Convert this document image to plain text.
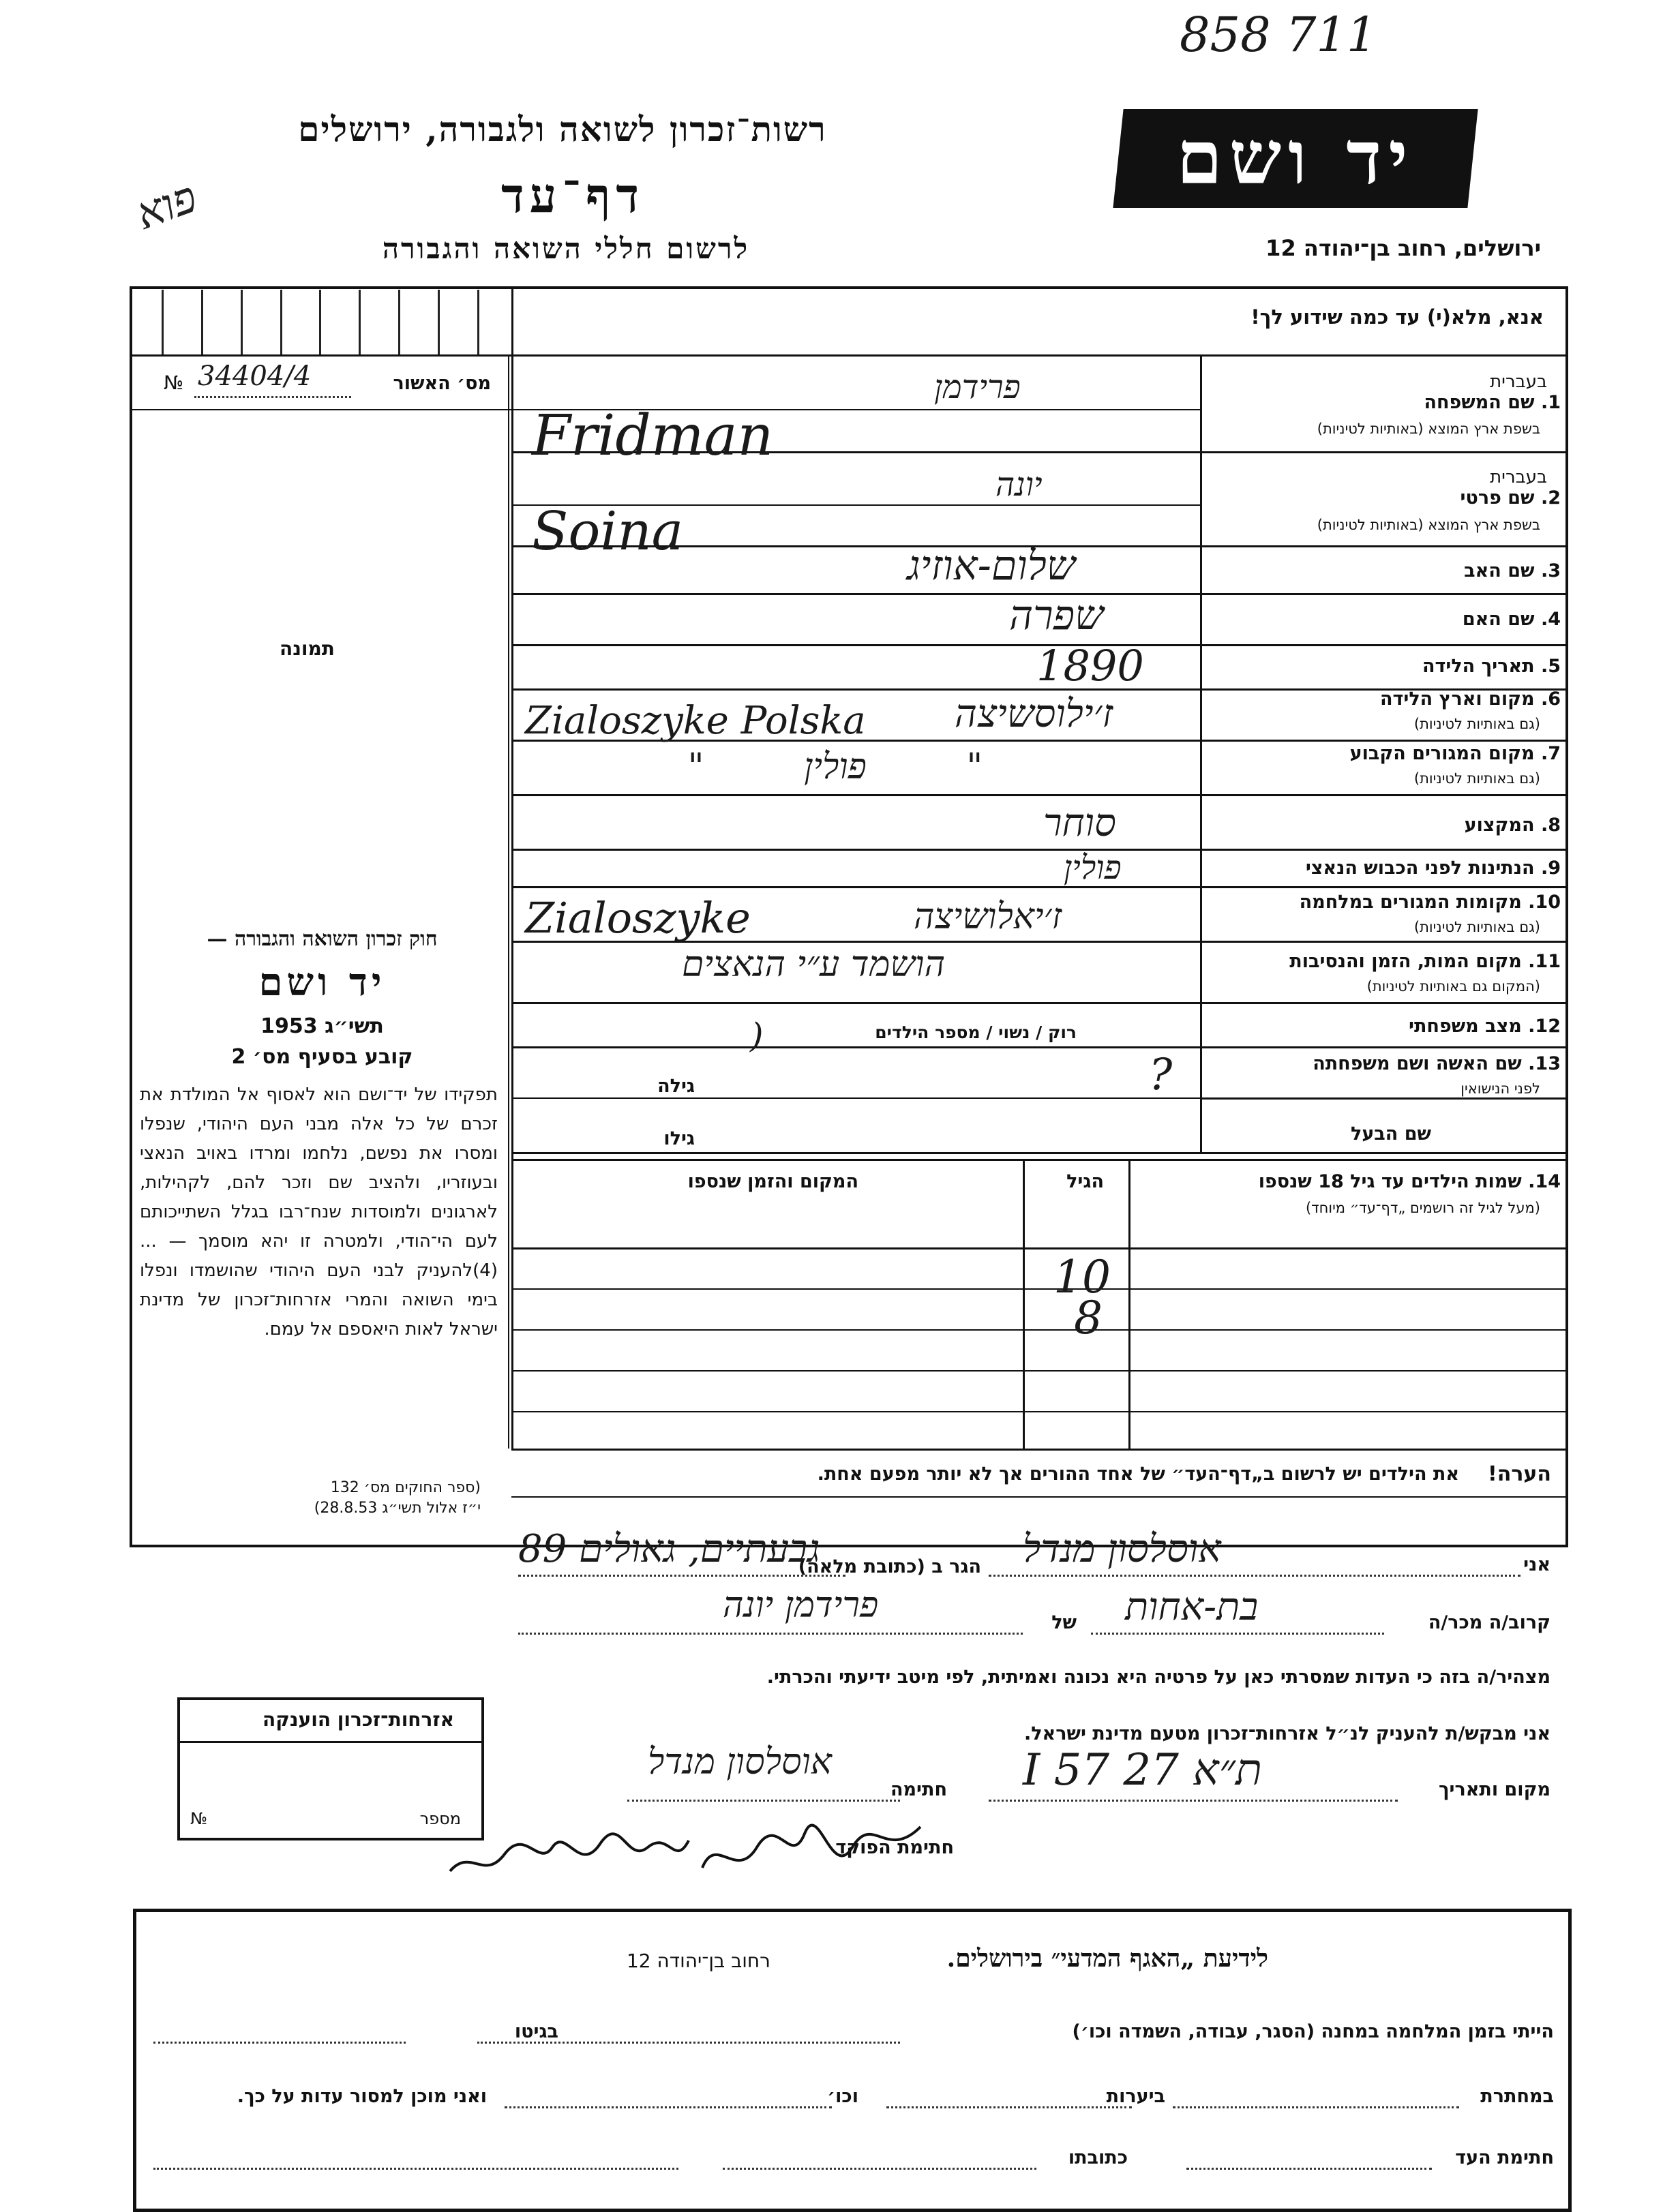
858 711
רשות־זכרון לשואה ולגבורה, ירושלים
דף־עד
לרשום חללי השואה והגבורה
פוא
יד ושם
ירושלים, רחוב בן־יהודה 12
אנא, מלא(י) עד כמה שידוע לך!
№ 34404/4	מס׳ האשור
תמונה
חוק זכרון השואה והגבורה —
יד ושם
תשי״ג 1953
קובע בסעיף מס׳ 2
תפקידו של יד־ושם הוא לאסוף אל המולדת את זכרם של כל אלה מבני העם היהודי, שנפלו ומסרו את נפשם, נלחמו ומרדו באויב הנאצי ובעוזריו, ולהציב שם וזכר להם, לקהילות, לארגונים ולמוסדות שנח־רבו בגלל השתייכותם לעם הי־הודי, ולמטרה זו יהא מוסמך — ...(4)להעניק לבני העם היהודי שהושמדו ונפלו בימי השואה והמרי אזרחות־זכרון של מדינת ישראל לאות היאספם אל עמם.
(ספר החוקים מס׳ 132
י״ז אלול תשי״ג 28.8.53)
בעברית
1. שם המשפחה
בשפת ארץ המוצא (באותיות לטיניות)
פרידמן
Fridman
בעברית
2. שם פרטי
בשפת ארץ המוצא (באותיות לטיניות)
יונה
Soina
3. שם האב
שלום-אוזיג
4. שם האם
שפרה
5. תאריך הלידה
1890
6. מקום וארץ הלידה
(גם באותיות לטיניות)
ז׳ילוסשיצה
Zialoszyke Polska
7. מקום המגורים הקבוע
(גם באותיות לטיניות)
" פולין "
8. המקצוע
סוחר
9. הנתינות לפני הכבוש הנאצי
פולין
10. מקומות המגורים במלחמה
(גם באותיות לטיניות)
ז׳יאלושיצה
Zialoszyke
11. מקום המות, הזמן והנסיבות
(המקום גם באותיות לטיניות)
הושמד ע״י הנאצים
12. מצב משפחתי
רוק / נשוי / מספר הילדים
)
13. שם האשה ושם משפחתה
לפני הנישואין
גילה	?
שם הבעל
גילו
14. שמות הילדים עד גיל 18 שנספו
(מעל לגיל זה רושמים „דף־עד״ מיוחד)
הגיל
המקום והזמן שנספו
10
8
הערה!
את הילדים יש לרשום ב„דף־העד״ של אחד ההורים אך לא יותר מפעם אחת.
אני
אוסלסון מנדל
הגר ב (כתובת מלאה)
גבעתיים, גאולים 89
קרוב/ה מכר/ה
בת-אחות
של
פרידמן יונה
מצהיר/ה בזה כי העדות שמסרתי כאן על פרטיה היא נכונה ואמיתית, לפי מיטב ידיעתי והכרתי.
אני מבקש/ת להעניק לנ״ל אזרחות־זכרון מטעם מדינת ישראל.
מקום ותאריך
ת״א 27 I 57
חתימה
אוסלסון מנדל
חתימת הפוקד
אזרחות־זכרון הוענקה
מספר
№
לידיעת „האגף המדעי״ בירושלים.
רחוב בן־יהודה 12
הייתי בזמן המלחמה במחנה (הסגר, עבודה, השמדה וכו׳)
בגיטו
במחתרת
ביערות
וכו׳
ואני מוכן למסור עדות על כך.
חתימת העד
כתובתו
